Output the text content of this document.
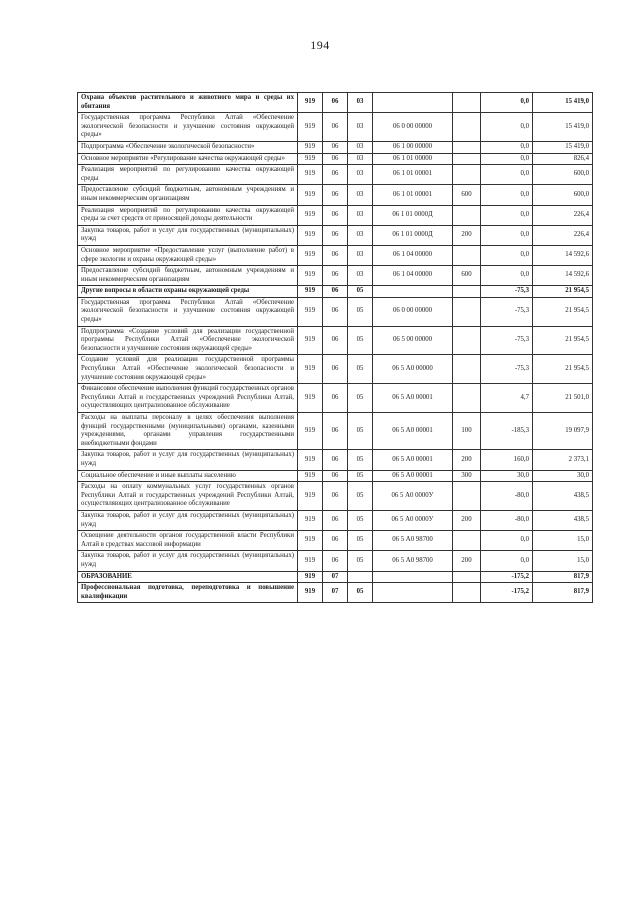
194
Охрана объектов растительного и животного мира и среды их обитания	919	06	03			0,0	15 419,0
Государственная программа Республики Алтай «Обеспечение экологической безопасности и улучшение состояния окружающей среды»	919	06	03	06 0 00 00000		0,0	15 419,0
Подпрограмма «Обеспечение экологической безопасности»	919	06	03	06 1 00 00000		0,0	15 419,0
Основное мероприятие «Регулирование качества окружающей среды»	919	06	03	06 1 01 00000		0,0	826,4
Реализация мероприятий по регулированию качества окружающей среды	919	06	03	06 1 01 00001		0,0	600,0
Предоставление субсидий бюджетным, автономным учреждениям и иным некоммерческим организациям	919	06	03	06 1 01 00001	600	0,0	600,0
Реализация мероприятий по регулированию качества окружающей среды за счет средств от приносящей доходы деятельности	919	06	03	06 1 01 0000Д		0,0	226,4
Закупка товаров, работ и услуг для государственных (муниципальных) нужд	919	06	03	06 1 01 0000Д	200	0,0	226,4
Основное мероприятие «Предоставление услуг (выполнение работ) в сфере экологии и охраны окружающей среды»	919	06	03	06 1 04 00000		0,0	14 592,6
Предоставление субсидий бюджетным, автономным учреждениям и иным некоммерческим организациям	919	06	03	06 1 04 00000	600	0,0	14 592,6
Другие вопросы в области охраны окружающей среды	919	06	05			-75,3	21 954,5
Государственная программа Республики Алтай «Обеспечение экологической безопасности и улучшение состояния окружающей среды»	919	06	05	06 0 00 00000		-75,3	21 954,5
Подпрограмма «Создание условий для реализации государственной программы Республики Алтай «Обеспечение экологической безопасности и улучшение состояния окружающей среды»	919	06	05	06 5 00 00000		-75,3	21 954,5
Создание условий для реализации государственной программы Республики Алтай «Обеспечение экологической безопасности и улучшение состояния окружающей среды»	919	06	05	06 5 А0 00000		-75,3	21 954,5
Финансовое обеспечение выполнения функций государственных органов Республики Алтай и государственных учреждений Республики Алтай, осуществляющих централизованное обслуживание	919	06	05	06 5 А0 00001		4,7	21 501,0
Расходы на выплаты персоналу в целях обеспечения выполнения функций государственными (муниципальными) органами, казенными учреждениями, органами управления государственными внебюджетными фондами	919	06	05	06 5 А0 00001	100	-185,3	19 097,9
Закупка товаров, работ и услуг для государственных (муниципальных) нужд	919	06	05	06 5 А0 00001	200	160,0	2 373,1
Социальное обеспечение и иные выплаты населению	919	06	05	06 5 А0 00001	300	30,0	30,0
Расходы на оплату коммунальных услуг государственных органов Республики Алтай и государственных учреждений Республики Алтай, осуществляющих централизованное обслуживание	919	06	05	06 5 А0 0000У		-80,0	438,5
Закупка товаров, работ и услуг для государственных (муниципальных) нужд	919	06	05	06 5 А0 0000У	200	-80,0	438,5
Освещение деятельности органов государственной власти Республики Алтай в средствах массовой информации	919	06	05	06 5 А0 98700		0,0	15,0
Закупка товаров, работ и услуг для государственных (муниципальных) нужд	919	06	05	06 5 А0 98700	200	0,0	15,0
ОБРАЗОВАНИЕ	919	07				-175,2	817,9
Профессиональная подготовка, переподготовка и повышение квалификации	919	07	05			-175,2	817,9
